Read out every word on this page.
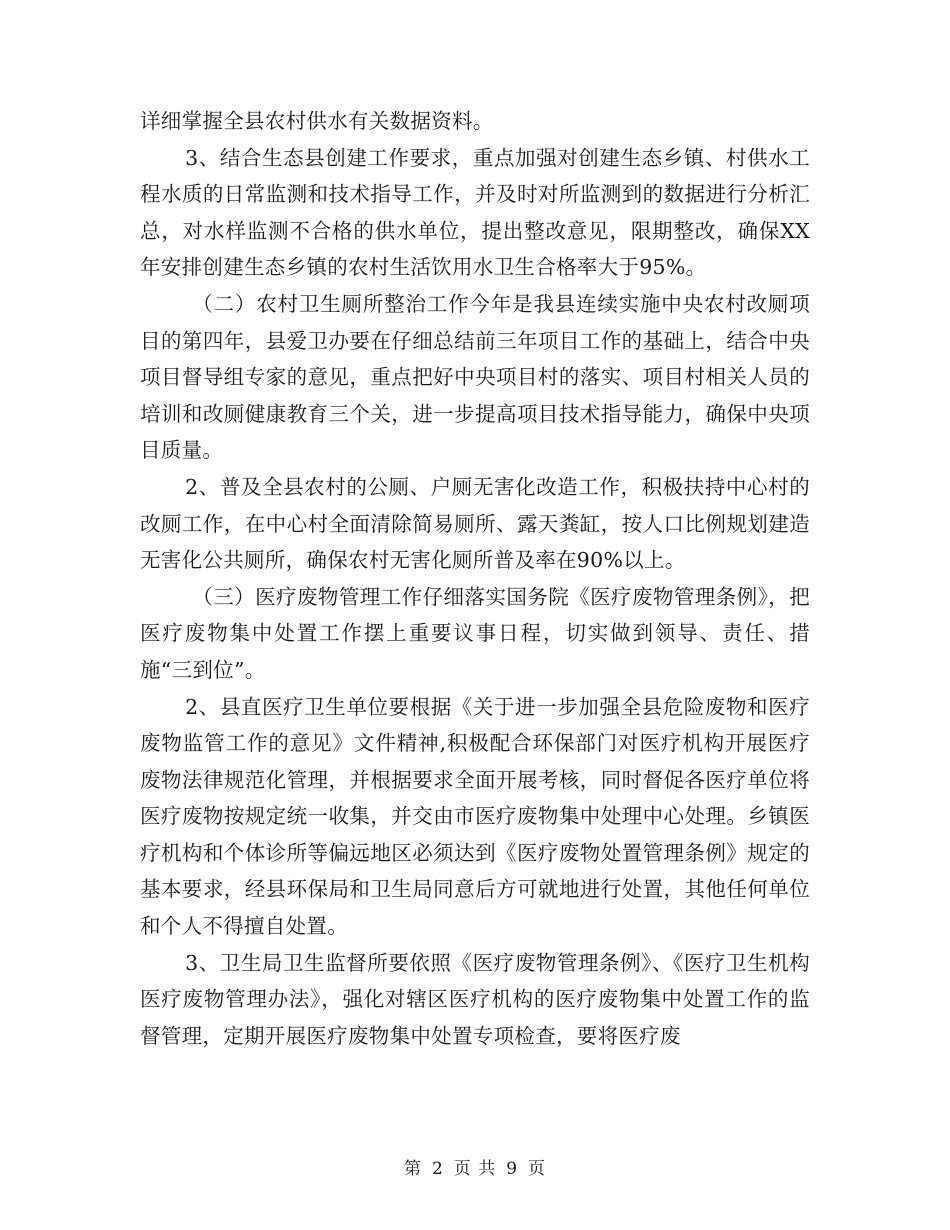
详细掌握全县农村供水有关数据资料。

3、结合生态县创建工作要求，重点加强对创建生态乡镇、村供水工程水质的日常监测和技术指导工作，并及时对所监测到的数据进行分析汇总，对水样监测不合格的供水单位，提出整改意见，限期整改，确保XX年安排创建生态乡镇的农村生活饮用水卫生合格率大于95%。

（二）农村卫生厕所整治工作今年是我县连续实施中央农村改厕项目的第四年，县爱卫办要在仔细总结前三年项目工作的基础上，结合中央项目督导组专家的意见，重点把好中央项目村的落实、项目村相关人员的培训和改厕健康教育三个关，进一步提高项目技术指导能力，确保中央项目质量。

2、普及全县农村的公厕、户厕无害化改造工作，积极扶持中心村的改厕工作，在中心村全面清除简易厕所、露天粪缸，按人口比例规划建造无害化公共厕所，确保农村无害化厕所普及率在90%以上。

（三）医疗废物管理工作仔细落实国务院《医疗废物管理条例》，把医疗废物集中处置工作摆上重要议事日程，切实做到领导、责任、措施“三到位”。

2、县直医疗卫生单位要根据《关于进一步加强全县危险废物和医疗废物监管工作的意见》文件精神,积极配合环保部门对医疗机构开展医疗废物法律规范化管理，并根据要求全面开展考核，同时督促各医疗单位将医疗废物按规定统一收集，并交由市医疗废物集中处理中心处理。乡镇医疗机构和个体诊所等偏远地区必须达到《医疗废物处置管理条例》规定的基本要求，经县环保局和卫生局同意后方可就地进行处置，其他任何单位和个人不得擅自处置。

3、卫生局卫生监督所要依照《医疗废物管理条例》、《医疗卫生机构医疗废物管理办法》，强化对辖区医疗机构的医疗废物集中处置工作的监督管理，定期开展医疗废物集中处置专项检查，要将医疗废

第 2 页 共 9 页
